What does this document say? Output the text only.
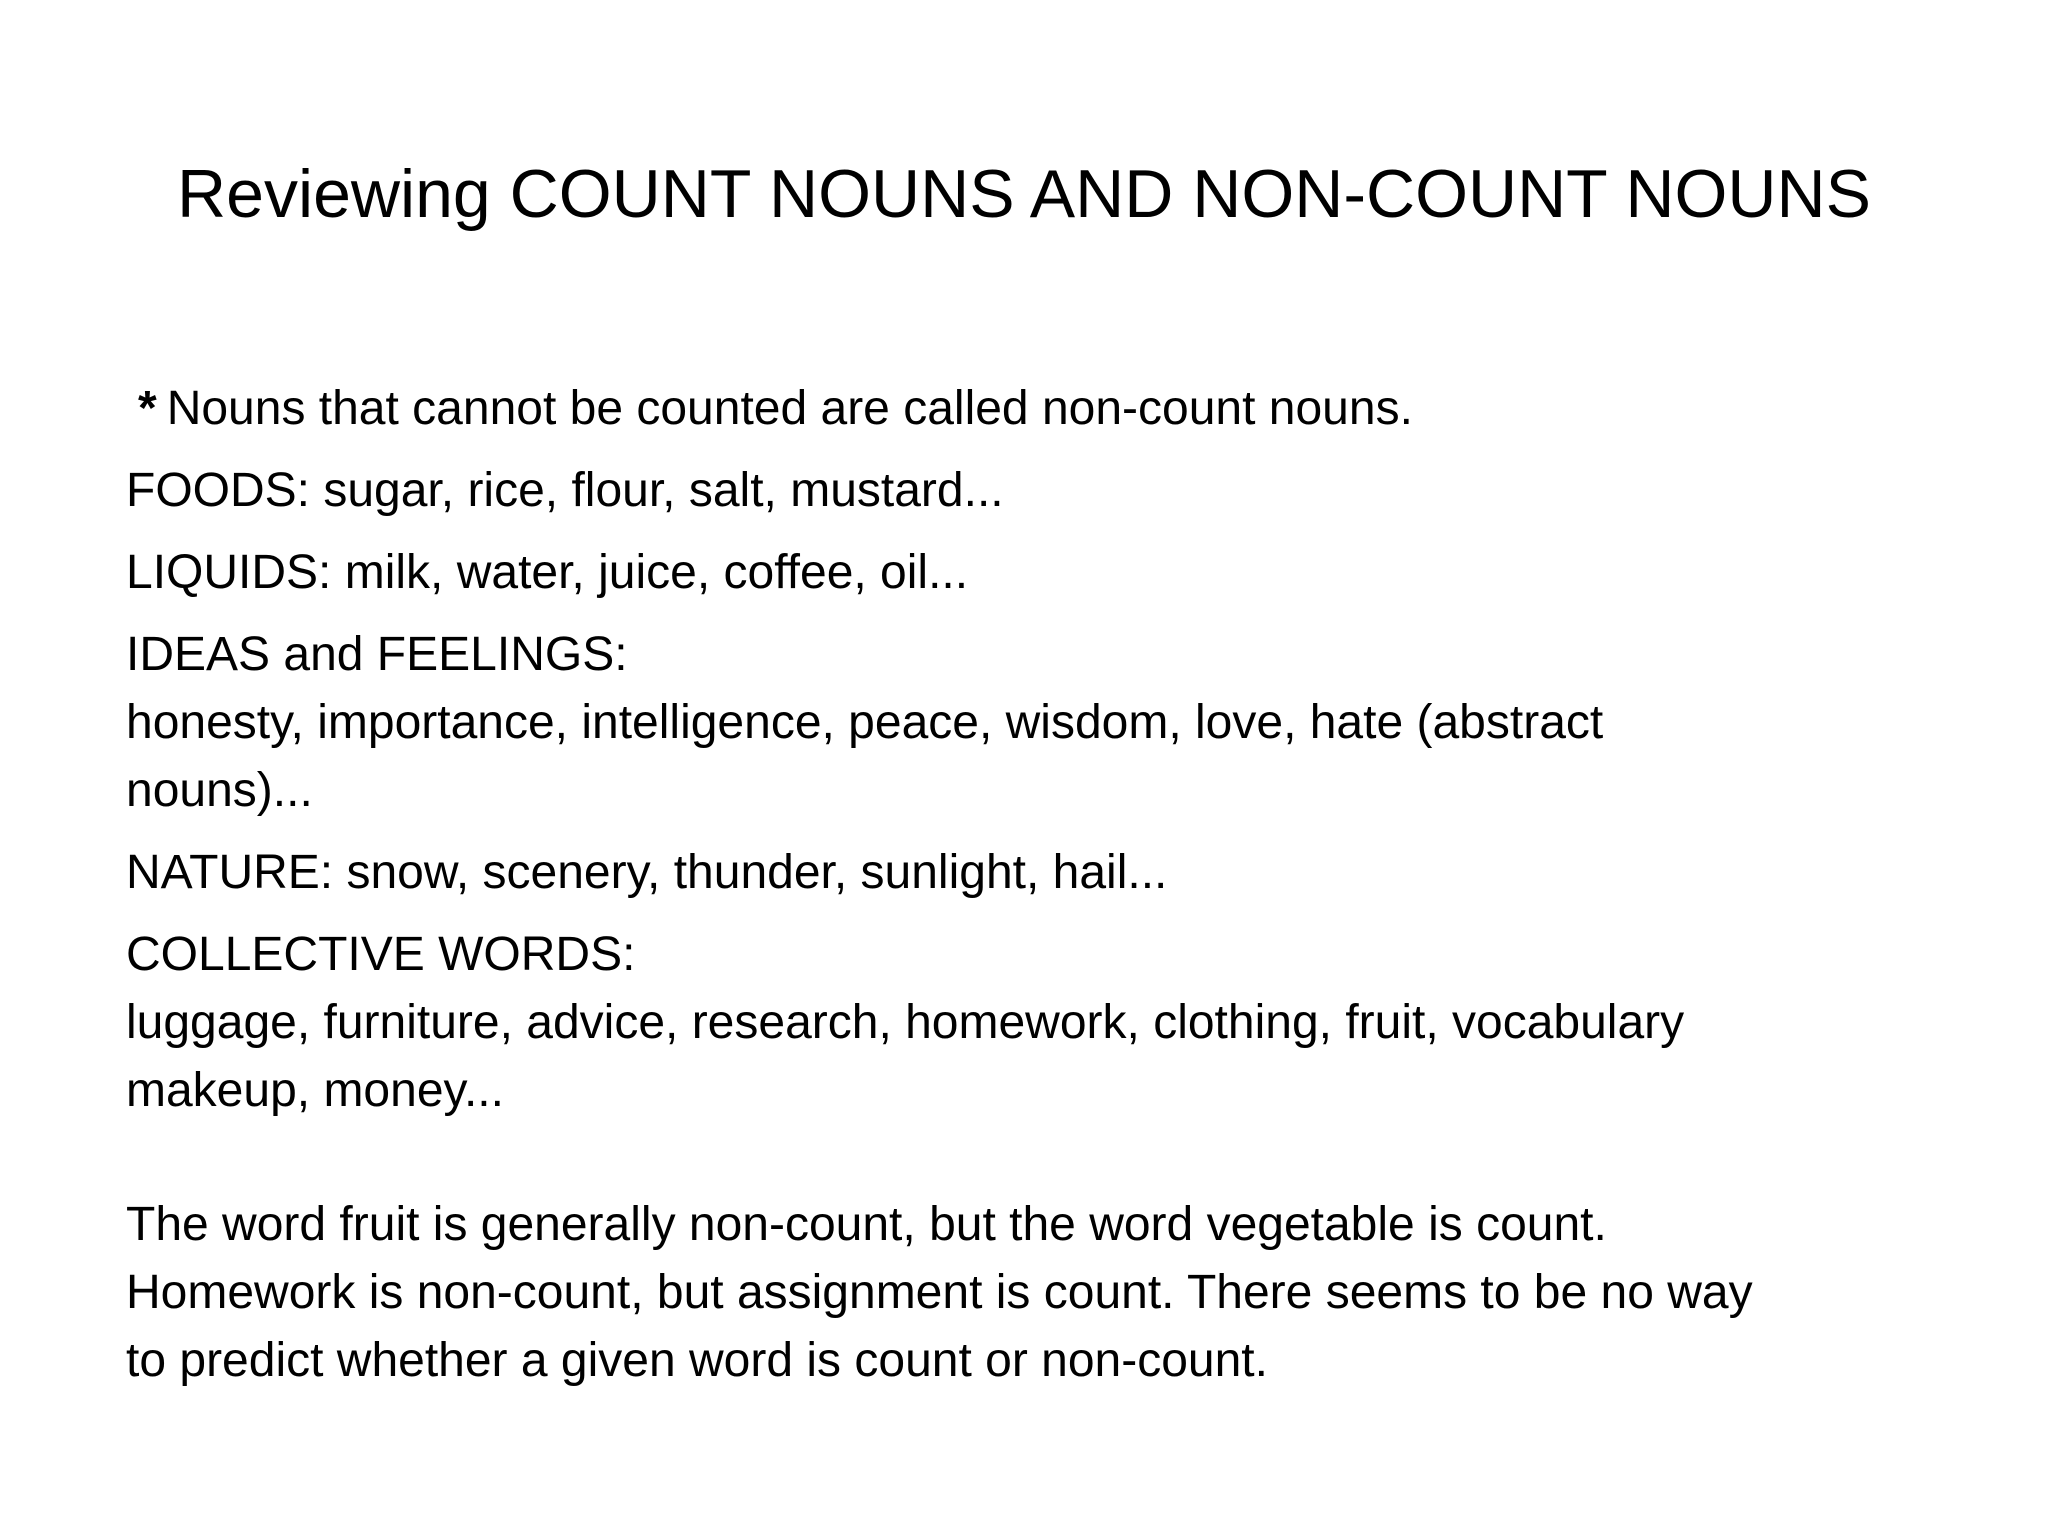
Reviewing COUNT NOUNS AND NON-COUNT NOUNS

* Nouns that cannot be counted are called non-count nouns.

FOODS: sugar, rice, flour, salt, mustard...

LIQUIDS: milk, water, juice, coffee, oil...

IDEAS and FEELINGS:
honesty, importance, intelligence, peace, wisdom, love, hate (abstract
nouns)...

NATURE: snow, scenery, thunder, sunlight, hail...

COLLECTIVE WORDS:
luggage, furniture, advice, research, homework, clothing, fruit, vocabulary
makeup, money...

The word fruit is generally non-count, but the word vegetable is count.
Homework is non-count, but assignment is count. There seems to be no way
to predict whether a given word is count or non-count.
